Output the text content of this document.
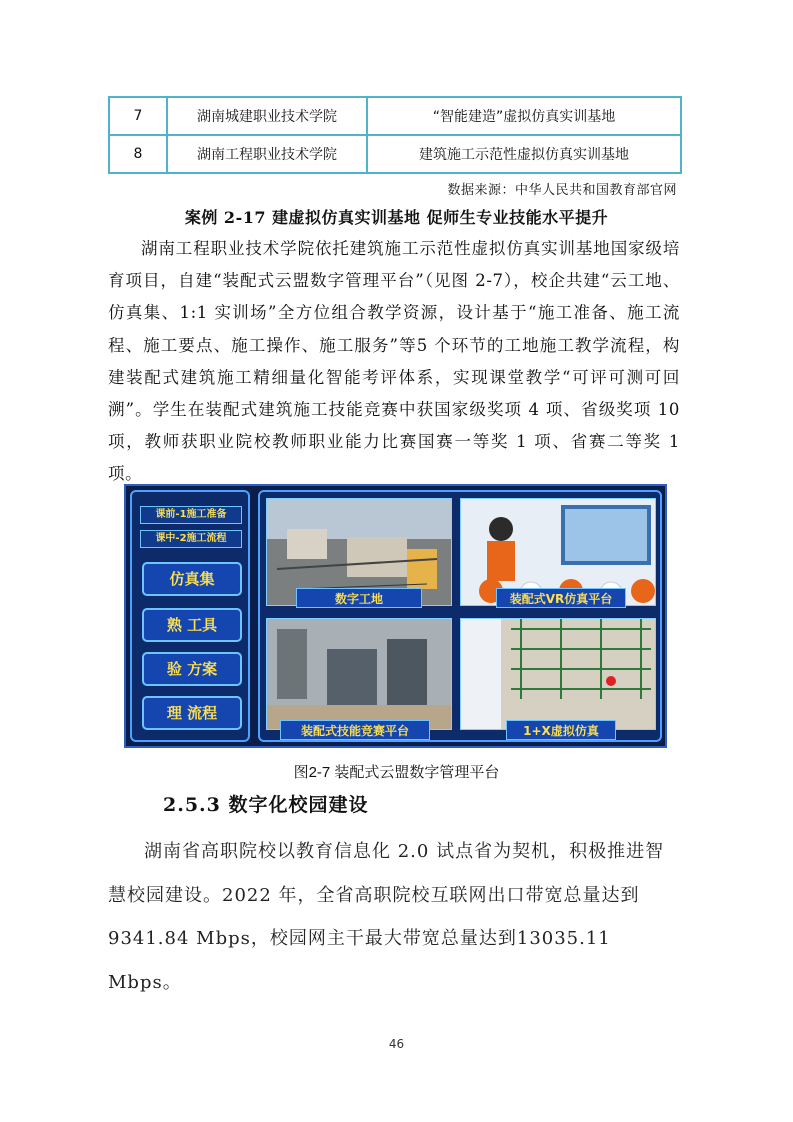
7	湖南城建职业技术学院	“智能建造”虚拟仿真实训基地
8	湖南工程职业技术学院	建筑施工示范性虚拟仿真实训基地
数据来源：中华人民共和国教育部官网
案例 2-17 建虚拟仿真实训基地 促师生专业技能水平提升

湖南工程职业技术学院依托建筑施工示范性虚拟仿真实训基地国家级培育项目，自建“装配式云盟数字管理平台”（见图 2-7），校企共建“云工地、仿真集、1:1 实训场”全方位组合教学资源，设计基于“施工准备、施工流程、施工要点、施工操作、施工服务”等5 个环节的工地施工教学流程，构建装配式建筑施工精细量化智能考评体系，实现课堂教学“可评可测可回溯”。学生在装配式建筑施工技能竞赛中获国家级奖项 4 项、省级奖项 10 项，教师获职业院校教师职业能力比赛国赛一等奖 1 项、省赛二等奖 1 项。

课前-1施工准备
课中-2施工流程
仿真集
熟 工具
验 方案
理 流程
数字工地	装配式VR仿真平台
装配式技能竞赛平台	1+X虚拟仿真
图2-7 装配式云盟数字管理平台
2.5.3 数字化校园建设

湖南省高职院校以教育信息化 2.0 试点省为契机，积极推进智慧校园建设。2022 年，全省高职院校互联网出口带宽总量达到 9341.84 Mbps，校园网主干最大带宽总量达到13035.11 Mbps。

46
